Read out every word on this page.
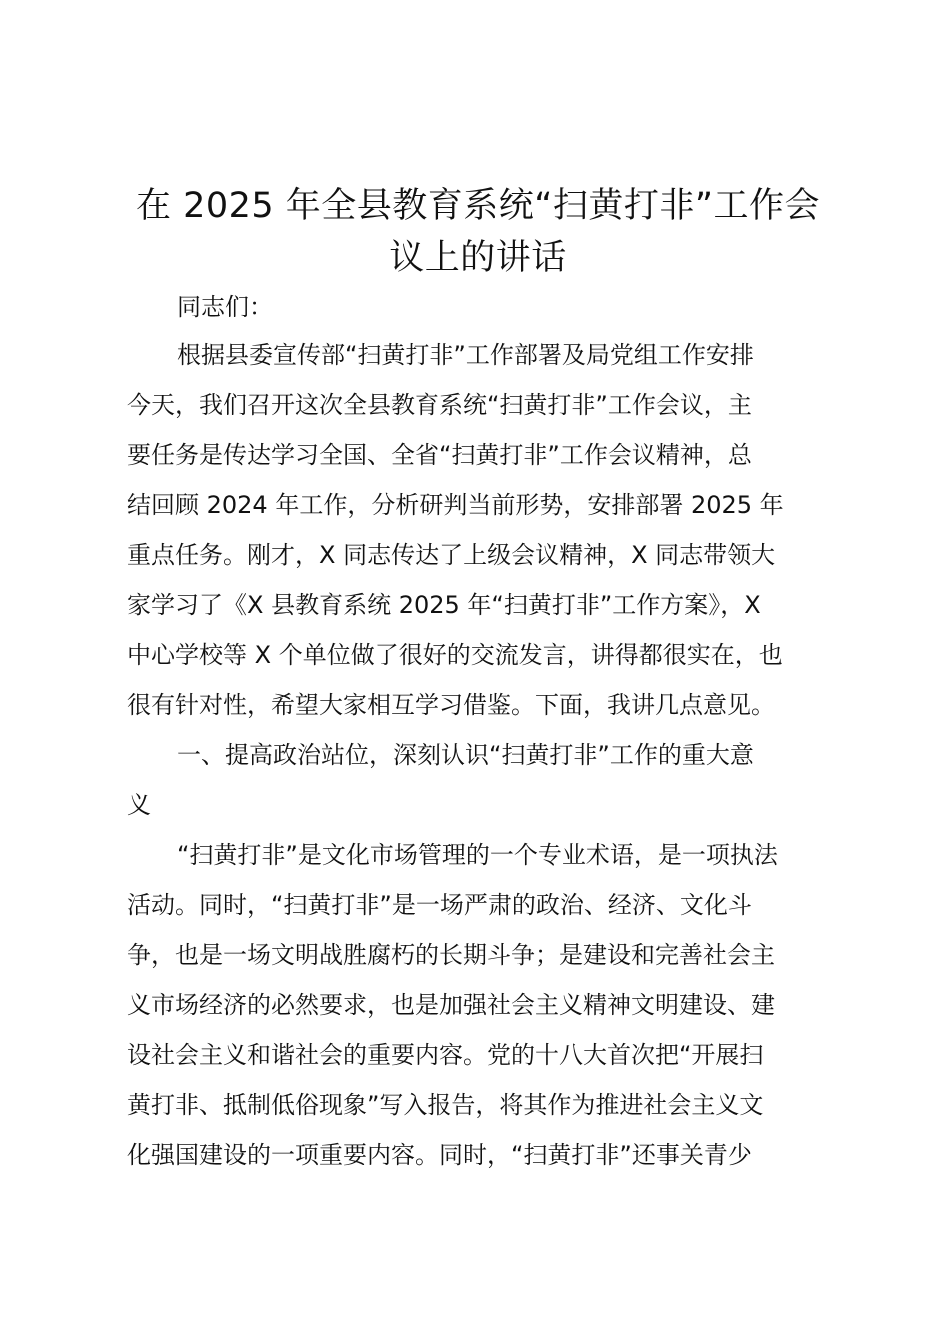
在 2025 年全县教育系统“扫黄打非”工作会
议上的讲话
同志们：
根据县委宣传部“扫黄打非”工作部署及局党组工作安排
今天，我们召开这次全县教育系统“扫黄打非”工作会议，主
要任务是传达学习全国、全省“扫黄打非”工作会议精神，总
结回顾 2024 年工作，分析研判当前形势，安排部署 2025 年
重点任务。刚才，X 同志传达了上级会议精神，X 同志带领大
家学习了《X 县教育系统 2025 年“扫黄打非”工作方案》，X
中心学校等 X 个单位做了很好的交流发言，讲得都很实在，也
很有针对性，希望大家相互学习借鉴。下面，我讲几点意见。
一、提高政治站位，深刻认识“扫黄打非”工作的重大意
义
“扫黄打非”是文化市场管理的一个专业术语，是一项执法
活动。同时，“扫黄打非”是一场严肃的政治、经济、文化斗
争，也是一场文明战胜腐朽的长期斗争；是建设和完善社会主
义市场经济的必然要求，也是加强社会主义精神文明建设、建
设社会主义和谐社会的重要内容。党的十八大首次把“开展扫
黄打非、抵制低俗现象”写入报告，将其作为推进社会主义文
化强国建设的一项重要内容。同时，“扫黄打非”还事关青少
